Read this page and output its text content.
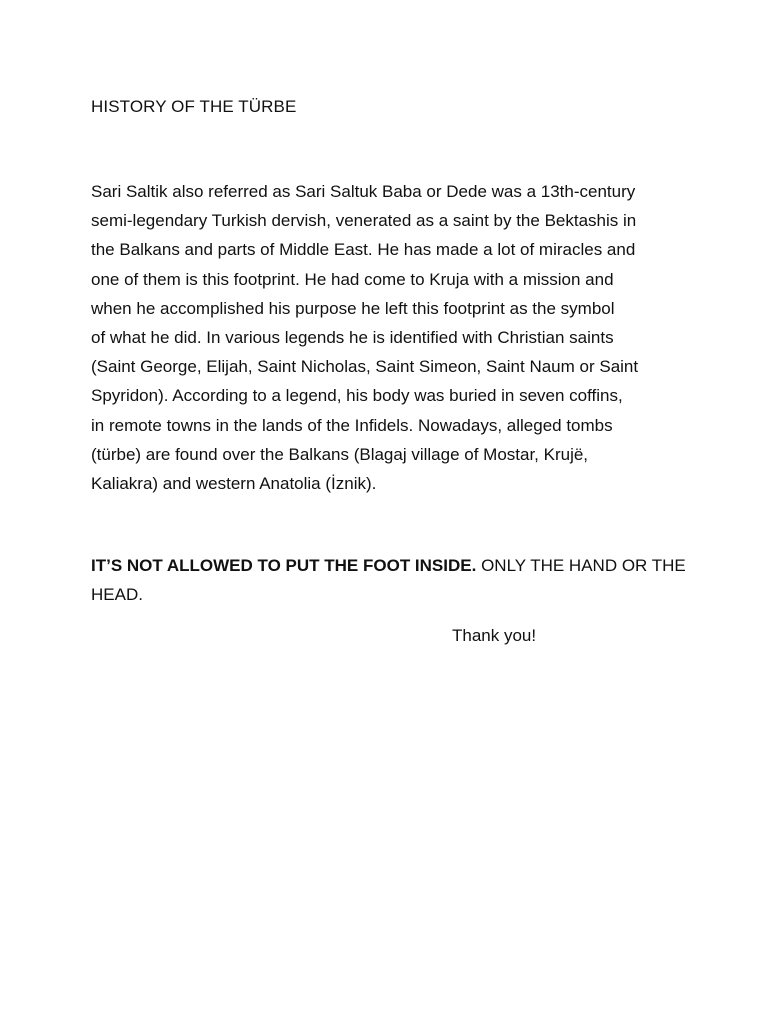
HISTORY OF THE TÜRBE
Sari Saltik also referred as Sari Saltuk Baba or Dede was a 13th-century
semi-legendary Turkish dervish, venerated as a saint by the Bektashis in
the Balkans and parts of Middle East. He has made a lot of miracles and
one of them is this footprint. He had come to Kruja with a mission and
when he accomplished his purpose he left this footprint as the symbol
of what he did. In various legends he is identified with Christian saints
(Saint George, Elijah, Saint Nicholas, Saint Simeon, Saint Naum or Saint
Spyridon). According to a legend, his body was buried in seven coffins,
in remote towns in the lands of the Infidels. Nowadays, alleged tombs
(türbe) are found over the Balkans (Blagaj village of Mostar, Krujë,
Kaliakra) and western Anatolia (İznik).
IT’S NOT ALLOWED TO PUT THE FOOT INSIDE. ONLY THE HAND OR THE
HEAD.
Thank you!
